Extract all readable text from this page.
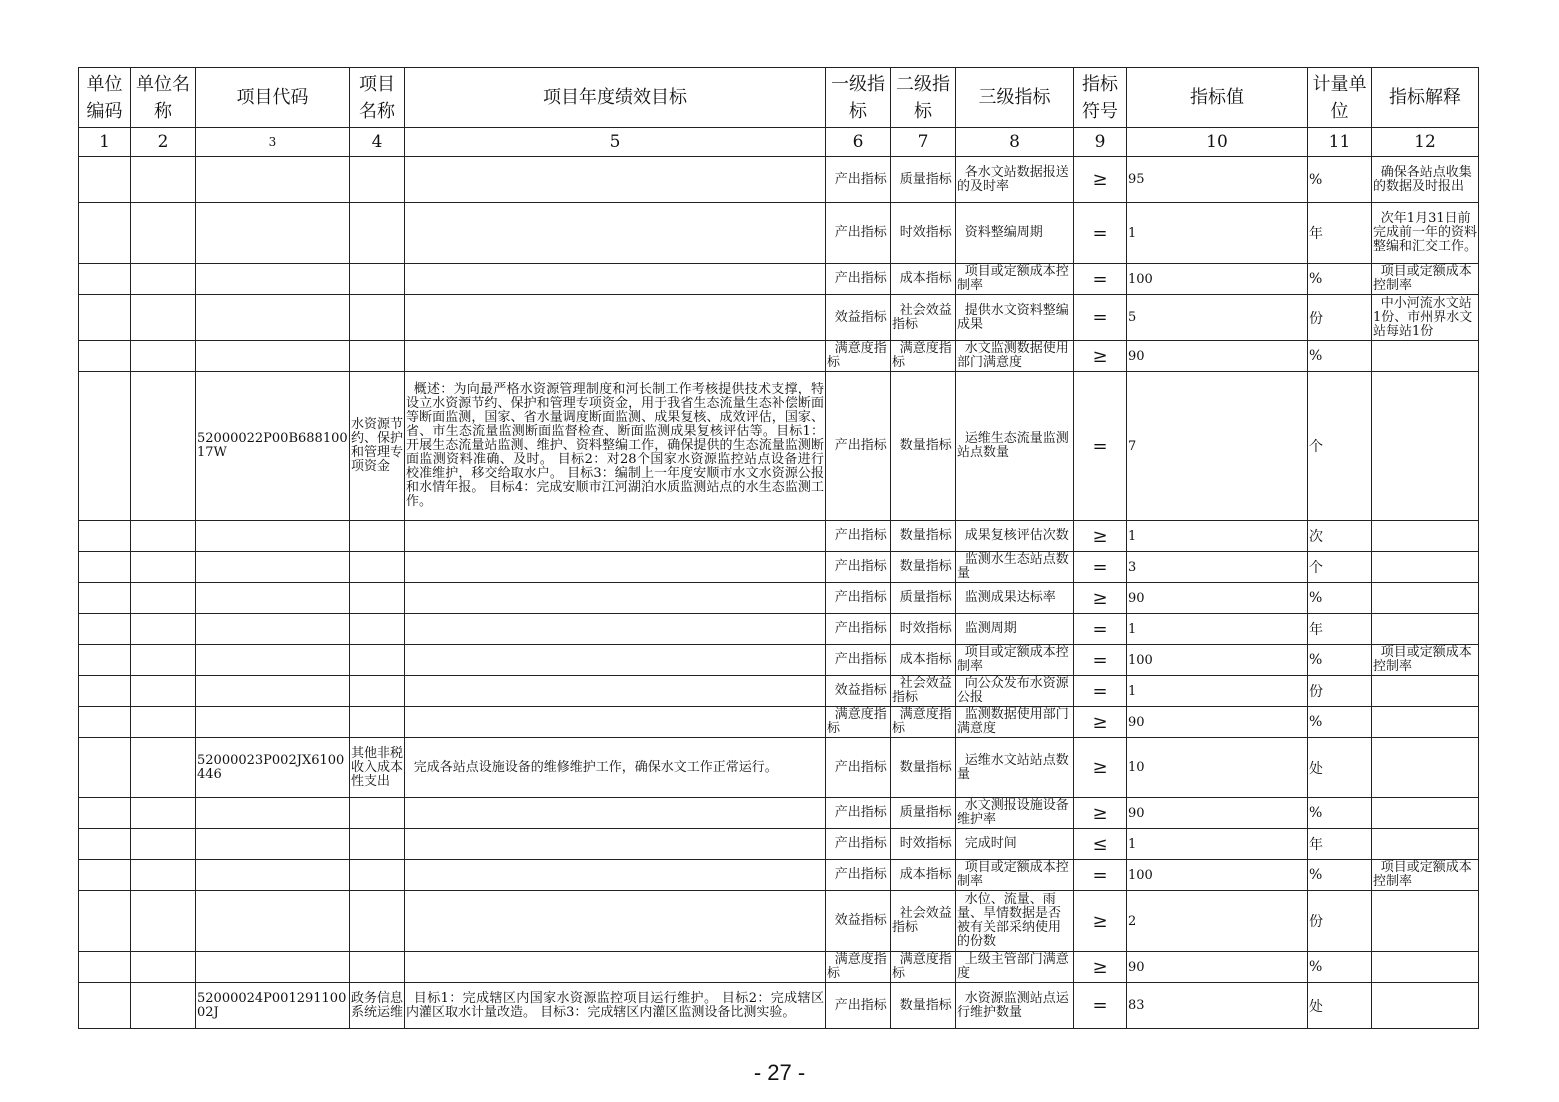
单位编码	单位名称	项目代码	项目名称	项目年度绩效目标	一级指标	二级指标	三级指标	指标符号	指标值	计量单位	指标解释
1	2	3	4	5	6	7	8	9	10	11	12

					产出指标	质量指标	各水文站数据报送的及时率	≥	95	%	确保各站点收集的数据及时报出

					产出指标	时效指标	资料整编周期	=	1	年	次年1月31日前完成前一年的资料整编和汇交工作。

					产出指标	成本指标	项目或定额成本控制率	=	100	%	项目或定额成本控制率

					效益指标	社会效益指标	提供水文资料整编成果	=	5	份	中小河流水文站1份、市州界水文站每站1份

					满意度指标	满意度指标	水文监测数据使用部门满意度	≥	90	%	

		52000022P00B68810017W	水资源节约、保护和管理专项资金	概述：为向最严格水资源管理制度和河长制工作考核提供技术支撑，特设立水资源节约、保护和管理专项资金，用于我省生态流量生态补偿断面等断面监测，国家、省水量调度断面监测、成果复核、成效评估，国家、省、市生态流量监测断面监督检查、断面监测成果复核评估等。目标1：开展生态流量站监测、维护、资料整编工作，确保提供的生态流量监测断面监测资料准确、及时。 目标2：对28个国家水资源监控站点设备进行校准维护，移交给取水户。 目标3：编制上一年度安顺市水文水资源公报和水情年报。 目标4：完成安顺市江河湖泊水质监测站点的水生态监测工作。	产出指标	数量指标	运维生态流量监测站点数量	=	7	个	

					产出指标	数量指标	成果复核评估次数	≥	1	次	

					产出指标	数量指标	监测水生态站点数量	=	3	个	

					产出指标	质量指标	监测成果达标率	≥	90	%	

					产出指标	时效指标	监测周期	=	1	年	

					产出指标	成本指标	项目或定额成本控制率	=	100	%	项目或定额成本控制率

					效益指标	社会效益指标	向公众发布水资源公报	=	1	份	

					满意度指标	满意度指标	监测数据使用部门满意度	≥	90	%	

		52000023P002JX6100446	其他非税收入成本性支出	完成各站点设施设备的维修维护工作，确保水文工作正常运行。	产出指标	数量指标	运维水文站站点数量	≥	10	处	

					产出指标	质量指标	水文测报设施设备维护率	≥	90	%	

					产出指标	时效指标	完成时间	≤	1	年	

					产出指标	成本指标	项目或定额成本控制率	=	100	%	项目或定额成本控制率

					效益指标	社会效益指标	水位、流量、雨量、旱情数据是否被有关部采纳使用的份数	≥	2	份	

					满意度指标	满意度指标	上级主管部门满意度	≥	90	%	

		52000024P00129110002J	政务信息系统运维	目标1：完成辖区内国家水资源监控项目运行维护。 目标2：完成辖区内灌区取水计量改造。 目标3：完成辖区内灌区监测设备比测实验。	产出指标	数量指标	水资源监测站点运行维护数量	=	83	处	
- 27 -
